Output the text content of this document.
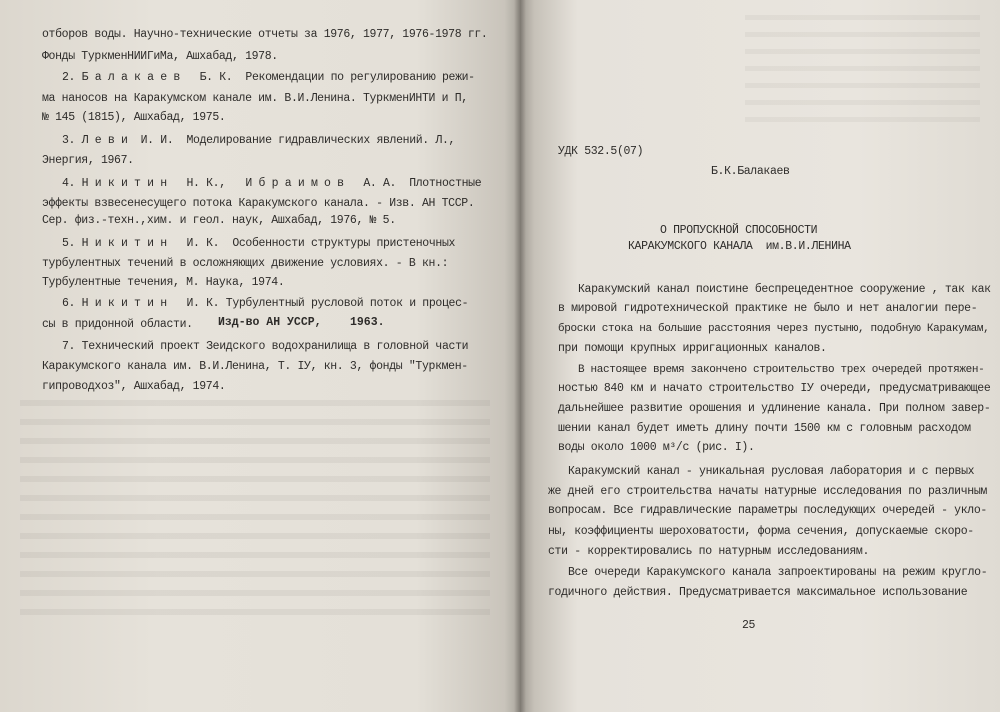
отборов воды. Научно-технические отчеты за 1976, 1977, 1976-1978 гг.
Фонды ТуркменНИИГиМа, Ашхабад, 1978.
2. Б а л а к а е в   Б. К.  Рекомендации по регулированию режи-
ма наносов на Каракумском канале им. В.И.Ленина. ТуркменИНТИ и П,
№ 145 (1815), Ашхабад, 1975.
3. Л е в и  И. И.  Моделирование гидравлических явлений. Л.,
Энергия, 1967.
4. Н и к и т и н   Н. К.,   И б р а и м о в   А. А.  Плотностные
эффекты взвесенесущего потока Каракумского канала. - Изв. АН ТССР.
Сер. физ.-техн.,хим. и геол. наук, Ашхабад, 1976, № 5.
5. Н и к и т и н   И. К.  Особенности структуры пристеночных
турбулентных течений в осложняющих движение условиях. - В кн.:
Турбулентные течения, М. Наука, 1974.
6. Н и к и т и н   И. К. Турбулентный русловой поток и процес-
сы в придонной области. Изд-во АН УССР, 1963.
7. Технический проект Зеидского водохранилища в головной части
Каракумского канала им. В.И.Ленина, Т. IУ, кн. 3, фонды "Туркмен-
гипроводхоз", Ашхабад, 1974.
УДК 532.5(07)
Б.К.Балакаев
О ПРОПУСКНОЙ СПОСОБНОСТИ
КАРАКУМСКОГО КАНАЛА  им.В.И.ЛЕНИНА
Каракумский канал поистине беспрецедентное сооружение , так как
в мировой гидротехнической практике не было и нет аналогии пере-
броски стока на большие расстояния через пустыню, подобную Каракумам,
при помощи крупных ирригационных каналов.
В настоящее время закончено строительство трех очередей протяжен-
ностью 840 км и начато строительство IУ очереди, предусматривающее
дальнейшее развитие орошения и удлинение канала. При полном завер-
шении канал будет иметь длину почти 1500 км с головным расходом
воды около 1000 м³/с (рис. I).
Каракумский канал - уникальная русловая лаборатория и с первых
же дней его строительства начаты натурные исследования по различным
вопросам. Все гидравлические параметры последующих очередей - укло-
ны, коэффициенты шероховатости, форма сечения, допускаемые скоро-
сти - корректировались по натурным исследованиям.
Все очереди Каракумского канала запроектированы на режим кругло-
годичного действия. Предусматривается максимальное использование
25
